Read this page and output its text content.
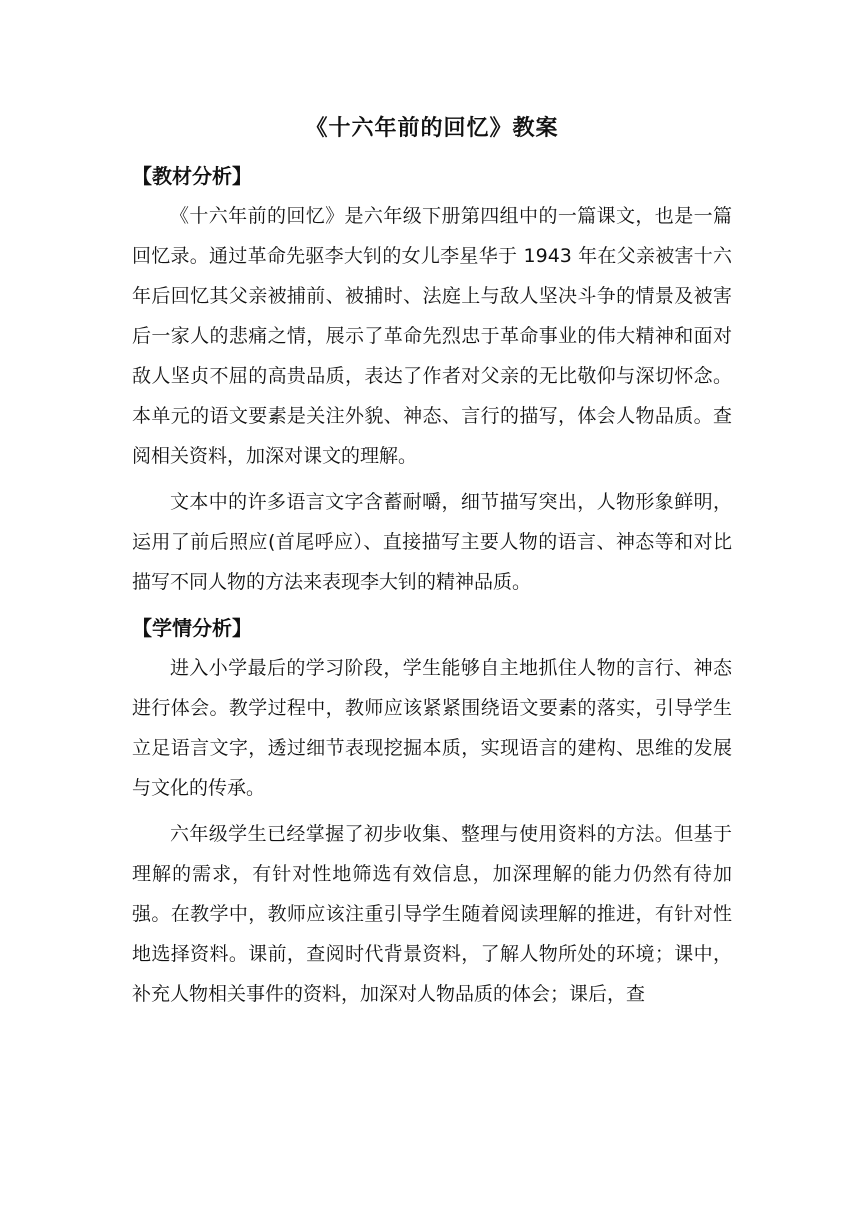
《十六年前的回忆》教案
【教材分析】

《十六年前的回忆》是六年级下册第四组中的一篇课文，也是一篇回忆录。通过革命先驱李大钊的女儿李星华于 1943 年在父亲被害十六年后回忆其父亲被捕前、被捕时、法庭上与敌人坚决斗争的情景及被害后一家人的悲痛之情，展示了革命先烈忠于革命事业的伟大精神和面对敌人坚贞不屈的高贵品质，表达了作者对父亲的无比敬仰与深切怀念。本单元的语文要素是关注外貌、神态、言行的描写，体会人物品质。查阅相关资料，加深对课文的理解。

文本中的许多语言文字含蓄耐嚼，细节描写突出，人物形象鲜明，运用了前后照应(首尾呼应）、直接描写主要人物的语言、神态等和对比描写不同人物的方法来表现李大钊的精神品质。

【学情分析】

进入小学最后的学习阶段，学生能够自主地抓住人物的言行、神态进行体会。教学过程中，教师应该紧紧围绕语文要素的落实，引导学生立足语言文字，透过细节表现挖掘本质，实现语言的建构、思维的发展与文化的传承。

六年级学生已经掌握了初步收集、整理与使用资料的方法。但基于理解的需求，有针对性地筛选有效信息，加深理解的能力仍然有待加强。在教学中，教师应该注重引导学生随着阅读理解的推进，有针对性地选择资料。课前，查阅时代背景资料，了解人物所处的环境；课中，补充人物相关事件的资料，加深对人物品质的体会；课后，查
